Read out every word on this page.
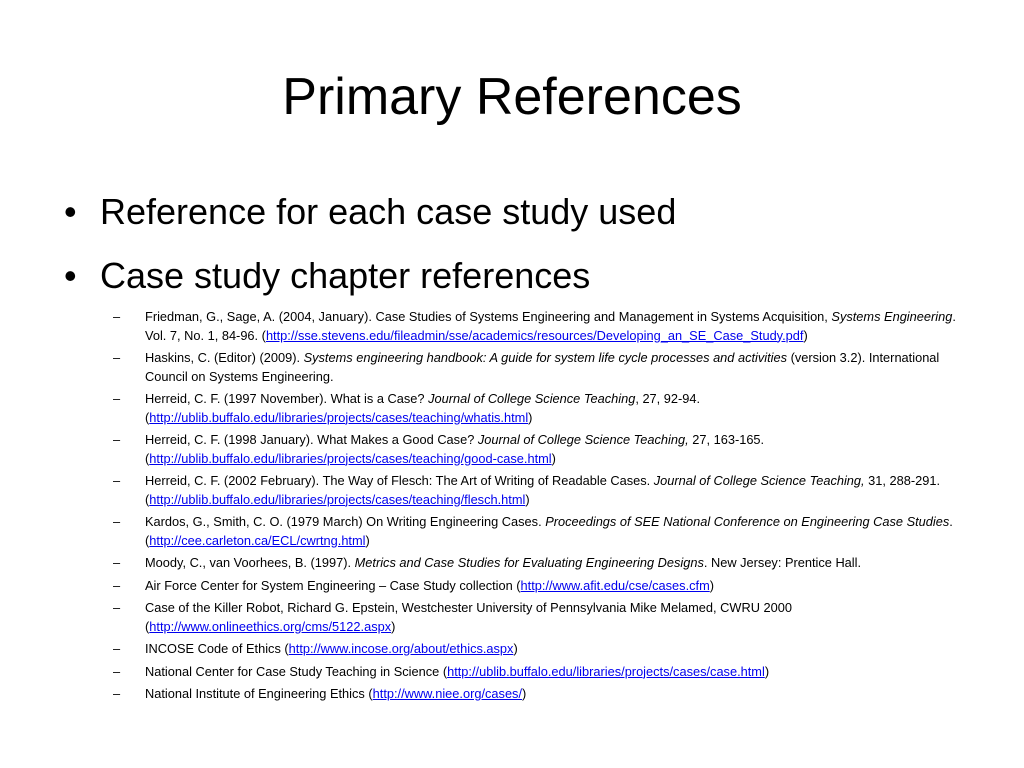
Primary References
• Reference for each case study used
• Case study chapter references
– Friedman, G., Sage, A. (2004, January). Case Studies of Systems Engineering and Management in Systems Acquisition, Systems Engineering. Vol. 7, No. 1, 84-96. (http://sse.stevens.edu/fileadmin/sse/academics/resources/Developing_an_SE_Case_Study.pdf)
– Haskins, C. (Editor) (2009). Systems engineering handbook: A guide for system life cycle processes and activities (version 3.2). International Council on Systems Engineering.
– Herreid, C. F. (1997 November). What is a Case? Journal of College Science Teaching, 27, 92-94. (http://ublib.buffalo.edu/libraries/projects/cases/teaching/whatis.html)
– Herreid, C. F. (1998 January). What Makes a Good Case? Journal of College Science Teaching, 27, 163-165. (http://ublib.buffalo.edu/libraries/projects/cases/teaching/good-case.html)
– Herreid, C. F. (2002 February). The Way of Flesch: The Art of Writing of Readable Cases. Journal of College Science Teaching, 31, 288-291. (http://ublib.buffalo.edu/libraries/projects/cases/teaching/flesch.html)
– Kardos, G., Smith, C. O. (1979 March) On Writing Engineering Cases. Proceedings of SEE National Conference on Engineering Case Studies. (http://cee.carleton.ca/ECL/cwrtng.html)
– Moody, C., van Voorhees, B. (1997). Metrics and Case Studies for Evaluating Engineering Designs. New Jersey: Prentice Hall.
– Air Force Center for System Engineering – Case Study collection (http://www.afit.edu/cse/cases.cfm)
– Case of the Killer Robot, Richard G. Epstein, Westchester University of Pennsylvania Mike Melamed, CWRU 2000 (http://www.onlineethics.org/cms/5122.aspx)
– INCOSE Code of Ethics (http://www.incose.org/about/ethics.aspx)
– National Center for Case Study Teaching in Science (http://ublib.buffalo.edu/libraries/projects/cases/case.html)
– National Institute of Engineering Ethics (http://www.niee.org/cases/)
